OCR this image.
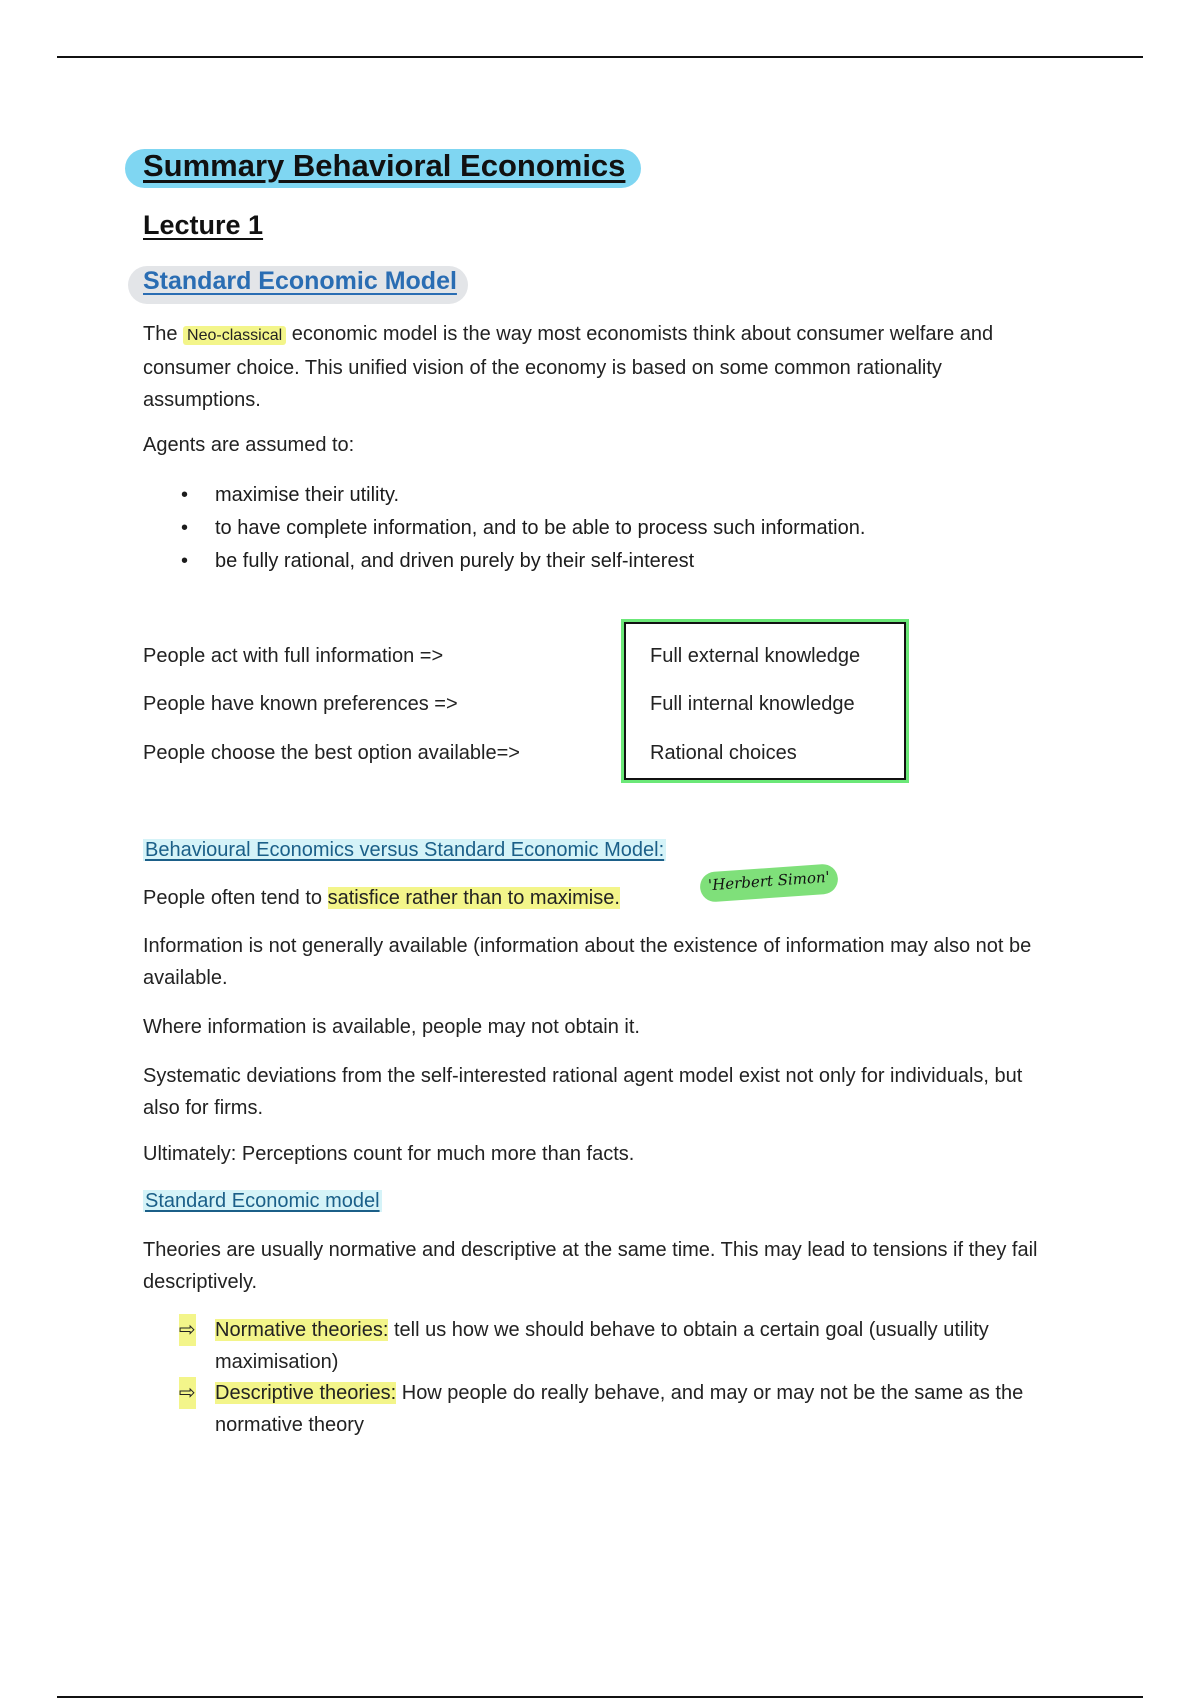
Summary Behavioral Economics
Lecture 1
Standard Economic Model
The Neo-classical economic model is the way most economists think about consumer welfare and consumer choice. This unified vision of the economy is based on some common rationality assumptions.
Agents are assumed to:
• maximise their utility.
• to have complete information, and to be able to process such information.
• be fully rational, and driven purely by their self-interest
People act with full information =>
People have known preferences =>
People choose the best option available=>
Full external knowledge
Full internal knowledge
Rational choices
Behavioural Economics versus Standard Economic Model:
People often tend to satisfice rather than to maximise.
'Herbert Simon'
Information is not generally available (information about the existence of information may also not be available.
Where information is available, people may not obtain it.
Systematic deviations from the self-interested rational agent model exist not only for individuals, but also for firms.
Ultimately: Perceptions count for much more than facts.
Standard Economic model
Theories are usually normative and descriptive at the same time. This may lead to tensions if they fail descriptively.
⇨ Normative theories: tell us how we should behave to obtain a certain goal (usually utility maximisation)
⇨ Descriptive theories: How people do really behave, and may or may not be the same as the normative theory
